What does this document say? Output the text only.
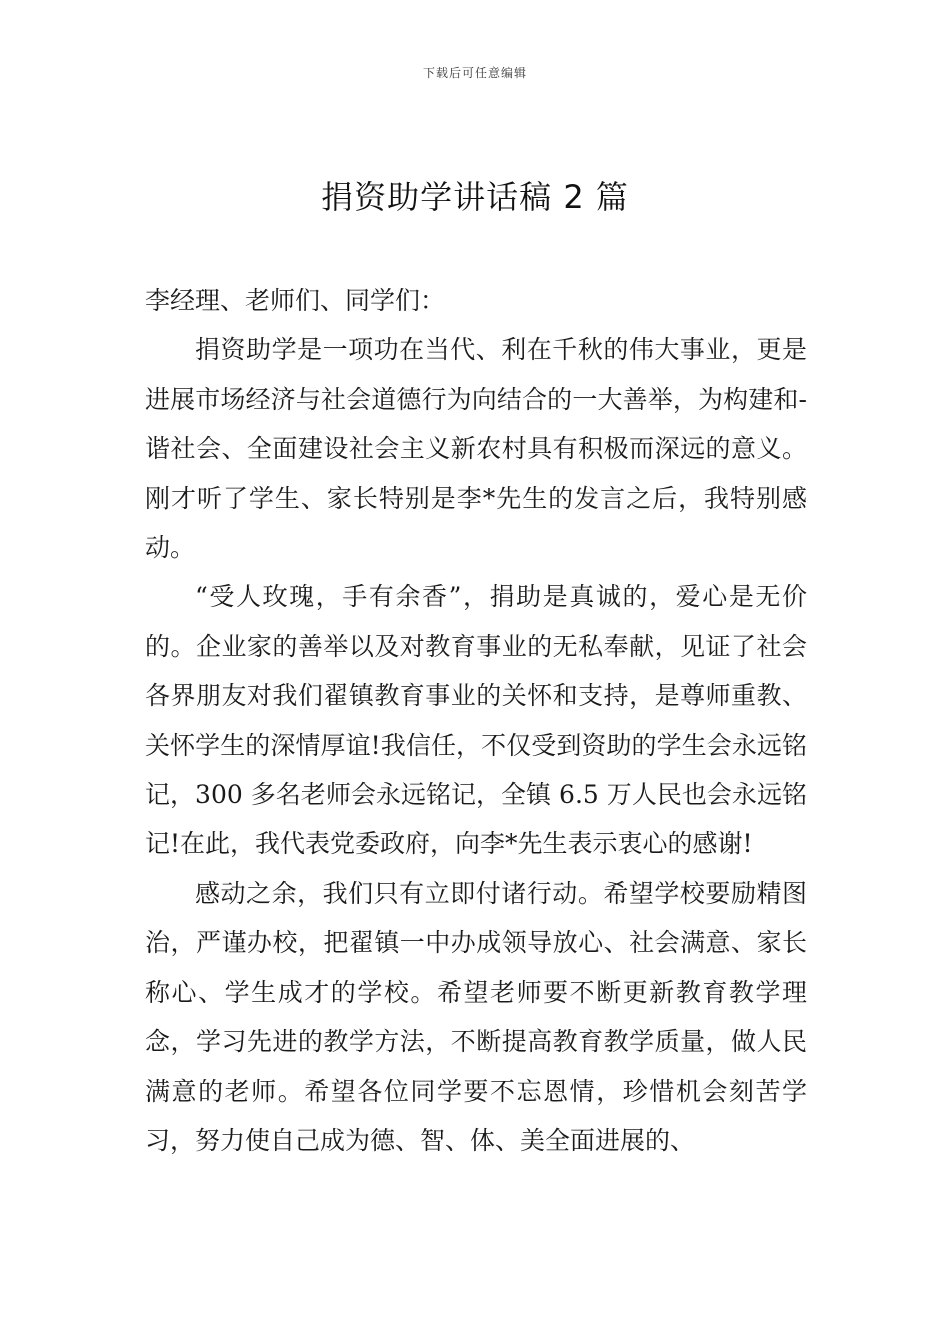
下载后可任意编辑
捐资助学讲话稿 2 篇

李经理、老师们、同学们：

捐资助学是一项功在当代、利在千秋的伟大事业，更是进展市场经济与社会道德行为向结合的一大善举，为构建和-谐社会、全面建设社会主义新农村具有积极而深远的意义。刚才听了学生、家长特别是李*先生的发言之后，我特别感动。

“受人玫瑰，手有余香”，捐助是真诚的，爱心是无价的。企业家的善举以及对教育事业的无私奉献，见证了社会各界朋友对我们翟镇教育事业的关怀和支持，是尊师重教、关怀学生的深情厚谊!我信任，不仅受到资助的学生会永远铭记，300 多名老师会永远铭记，全镇 6.5 万人民也会永远铭记!在此，我代表党委政府，向李*先生表示衷心的感谢!

感动之余，我们只有立即付诸行动。希望学校要励精图治，严谨办校，把翟镇一中办成领导放心、社会满意、家长称心、学生成才的学校。希望老师要不断更新教育教学理念，学习先进的教学方法，不断提高教育教学质量，做人民满意的老师。希望各位同学要不忘恩情，珍惜机会刻苦学习，努力使自己成为德、智、体、美全面进展的、
